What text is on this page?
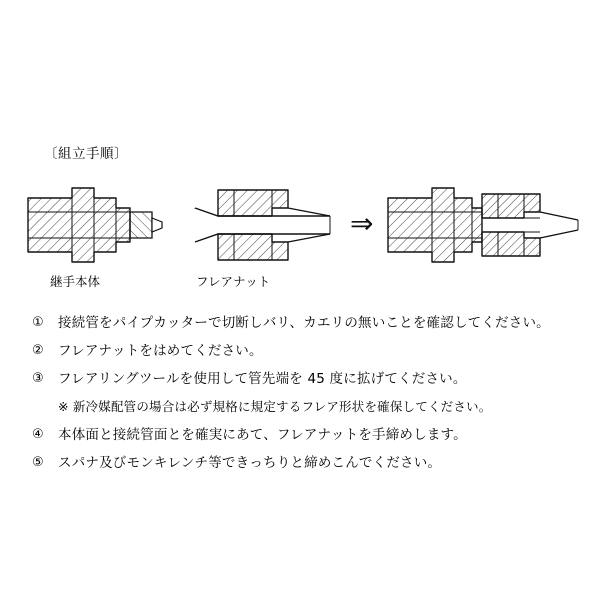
〔組立手順〕
⇒
継手本体	フレアナット
①	接続管をパイプカッターで切断しバリ、カエリの無いことを確認してください。
②	フレアナットをはめてください。
③	フレアリングツールを使用して管先端を 45 度に拡げてください。
※ 新冷媒配管の場合は必ず規格に規定するフレア形状を確保してください。
④	本体面と接続管面とを確実にあて、フレアナットを手締めします。
⑤	スパナ及びモンキレンチ等できっちりと締めこんでください。
